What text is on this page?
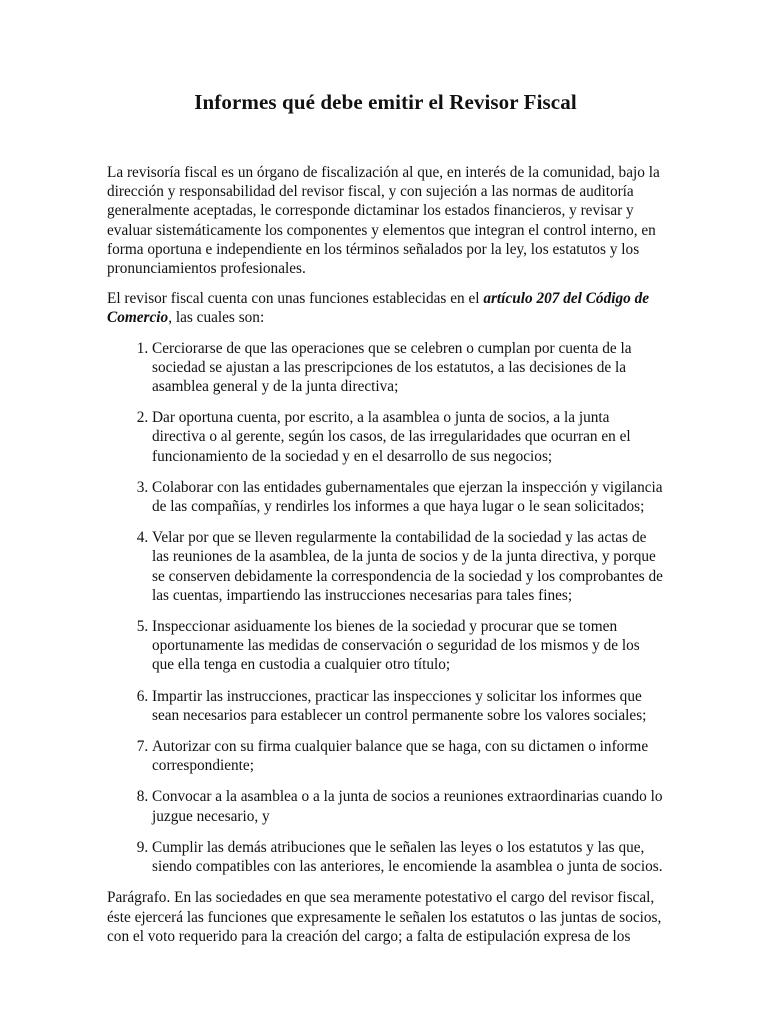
Informes qué debe emitir el Revisor Fiscal

La revisoría fiscal es un órgano de fiscalización al que, en interés de la comunidad, bajo la dirección y responsabilidad del revisor fiscal, y con sujeción a las normas de auditoría generalmente aceptadas, le corresponde dictaminar los estados financieros, y revisar y evaluar sistemáticamente los componentes y elementos que integran el control interno, en forma oportuna e independiente en los términos señalados por la ley, los estatutos y los pronunciamientos profesionales.

El revisor fiscal cuenta con unas funciones establecidas en el artículo 207 del Código de Comercio, las cuales son:

1. Cerciorarse de que las operaciones que se celebren o cumplan por cuenta de la sociedad se ajustan a las prescripciones de los estatutos, a las decisiones de la asamblea general y de la junta directiva;
2. Dar oportuna cuenta, por escrito, a la asamblea o junta de socios, a la junta directiva o al gerente, según los casos, de las irregularidades que ocurran en el funcionamiento de la sociedad y en el desarrollo de sus negocios;
3. Colaborar con las entidades gubernamentales que ejerzan la inspección y vigilancia de las compañías, y rendirles los informes a que haya lugar o le sean solicitados;
4. Velar por que se lleven regularmente la contabilidad de la sociedad y las actas de las reuniones de la asamblea, de la junta de socios y de la junta directiva, y porque se conserven debidamente la correspondencia de la sociedad y los comprobantes de las cuentas, impartiendo las instrucciones necesarias para tales fines;
5. Inspeccionar asiduamente los bienes de la sociedad y procurar que se tomen oportunamente las medidas de conservación o seguridad de los mismos y de los que ella tenga en custodia a cualquier otro título;
6. Impartir las instrucciones, practicar las inspecciones y solicitar los informes que sean necesarios para establecer un control permanente sobre los valores sociales;
7. Autorizar con su firma cualquier balance que se haga, con su dictamen o informe correspondiente;
8. Convocar a la asamblea o a la junta de socios a reuniones extraordinarias cuando lo juzgue necesario, y
9. Cumplir las demás atribuciones que le señalen las leyes o los estatutos y las que, siendo compatibles con las anteriores, le encomiende la asamblea o junta de socios.

Parágrafo. En las sociedades en que sea meramente potestativo el cargo del revisor fiscal, éste ejercerá las funciones que expresamente le señalen los estatutos o las juntas de socios, con el voto requerido para la creación del cargo; a falta de estipulación expresa de los
